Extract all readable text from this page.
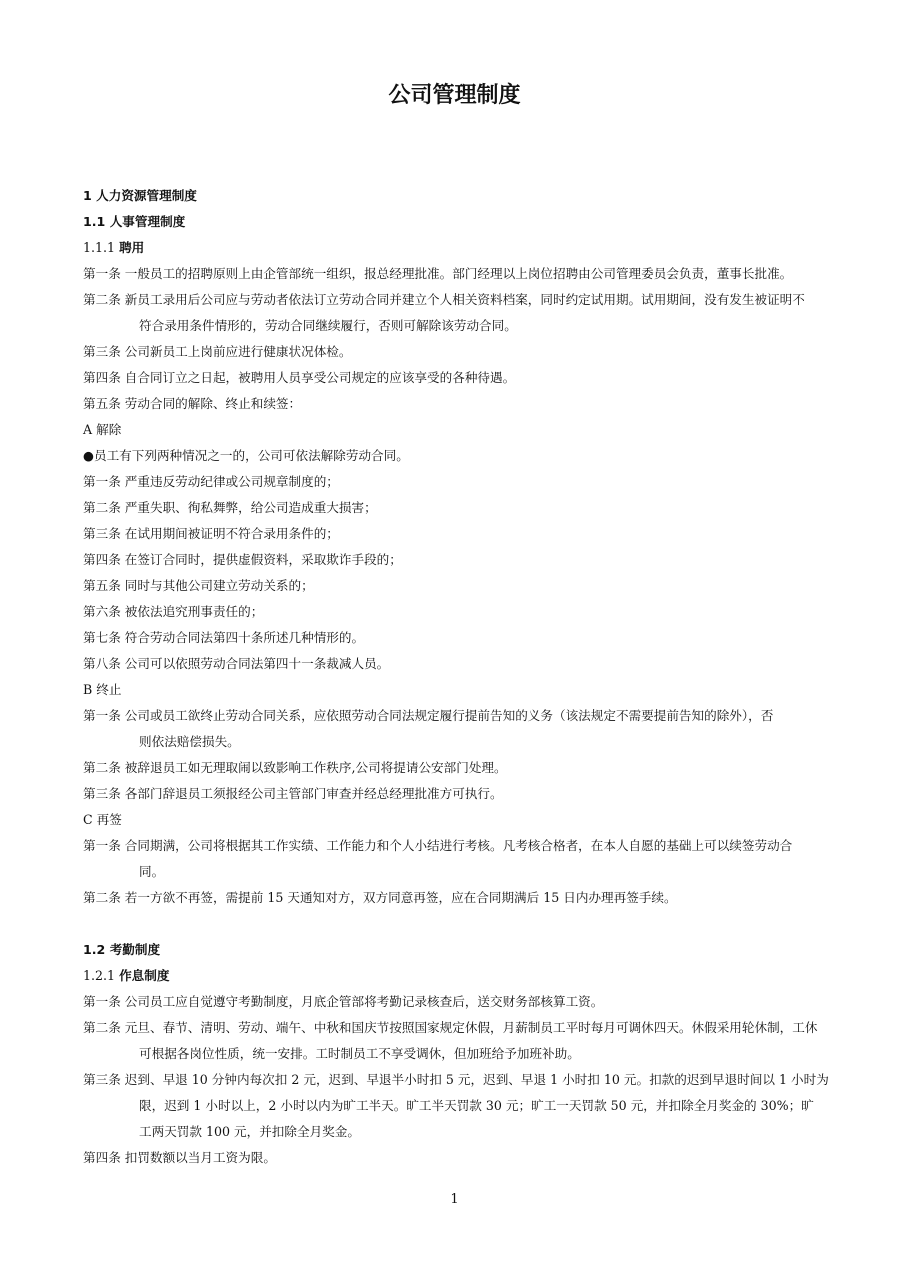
公司管理制度
1 人力资源管理制度
1.1 人事管理制度
1.1.1 聘用
第一条 一般员工的招聘原则上由企管部统一组织，报总经理批准。部门经理以上岗位招聘由公司管理委员会负责，董事长批准。
第二条 新员工录用后公司应与劳动者依法订立劳动合同并建立个人相关资料档案，同时约定试用期。试用期间，没有发生被证明不
符合录用条件情形的，劳动合同继续履行，否则可解除该劳动合同。
第三条 公司新员工上岗前应进行健康状况体检。
第四条 自合同订立之日起，被聘用人员享受公司规定的应该享受的各种待遇。
第五条 劳动合同的解除、终止和续签：
A 解除
●员工有下列两种情况之一的，公司可依法解除劳动合同。
第一条 严重违反劳动纪律或公司规章制度的；
第二条 严重失职、徇私舞弊，给公司造成重大损害；
第三条 在试用期间被证明不符合录用条件的；
第四条 在签订合同时，提供虚假资料，采取欺诈手段的；
第五条 同时与其他公司建立劳动关系的；
第六条 被依法追究刑事责任的；
第七条 符合劳动合同法第四十条所述几种情形的。
第八条 公司可以依照劳动合同法第四十一条裁减人员。
B 终止
第一条 公司或员工欲终止劳动合同关系，应依照劳动合同法规定履行提前告知的义务（该法规定不需要提前告知的除外），否
则依法赔偿损失。
第二条 被辞退员工如无理取闹以致影响工作秩序,公司将提请公安部门处理。
第三条 各部门辞退员工须报经公司主管部门审查并经总经理批准方可执行。
C 再签
第一条 合同期满，公司将根据其工作实绩、工作能力和个人小结进行考核。凡考核合格者，在本人自愿的基础上可以续签劳动合
同。
第二条 若一方欲不再签，需提前 15 天通知对方，双方同意再签，应在合同期满后 15 日内办理再签手续。
1.2 考勤制度
1.2.1 作息制度
第一条 公司员工应自觉遵守考勤制度，月底企管部将考勤记录核查后，送交财务部核算工资。
第二条 元旦、春节、清明、劳动、端午、中秋和国庆节按照国家规定休假，月薪制员工平时每月可调休四天。休假采用轮休制，工休
可根据各岗位性质，统一安排。工时制员工不享受调休，但加班给予加班补助。
第三条 迟到、早退 10 分钟内每次扣 2 元，迟到、早退半小时扣 5 元，迟到、早退 1 小时扣 10 元。扣款的迟到早退时间以 1 小时为
限，迟到 1 小时以上，2 小时以内为旷工半天。旷工半天罚款 30 元；旷工一天罚款 50 元，并扣除全月奖金的 30%；旷
工两天罚款 100 元，并扣除全月奖金。
第四条 扣罚数额以当月工资为限。
1
